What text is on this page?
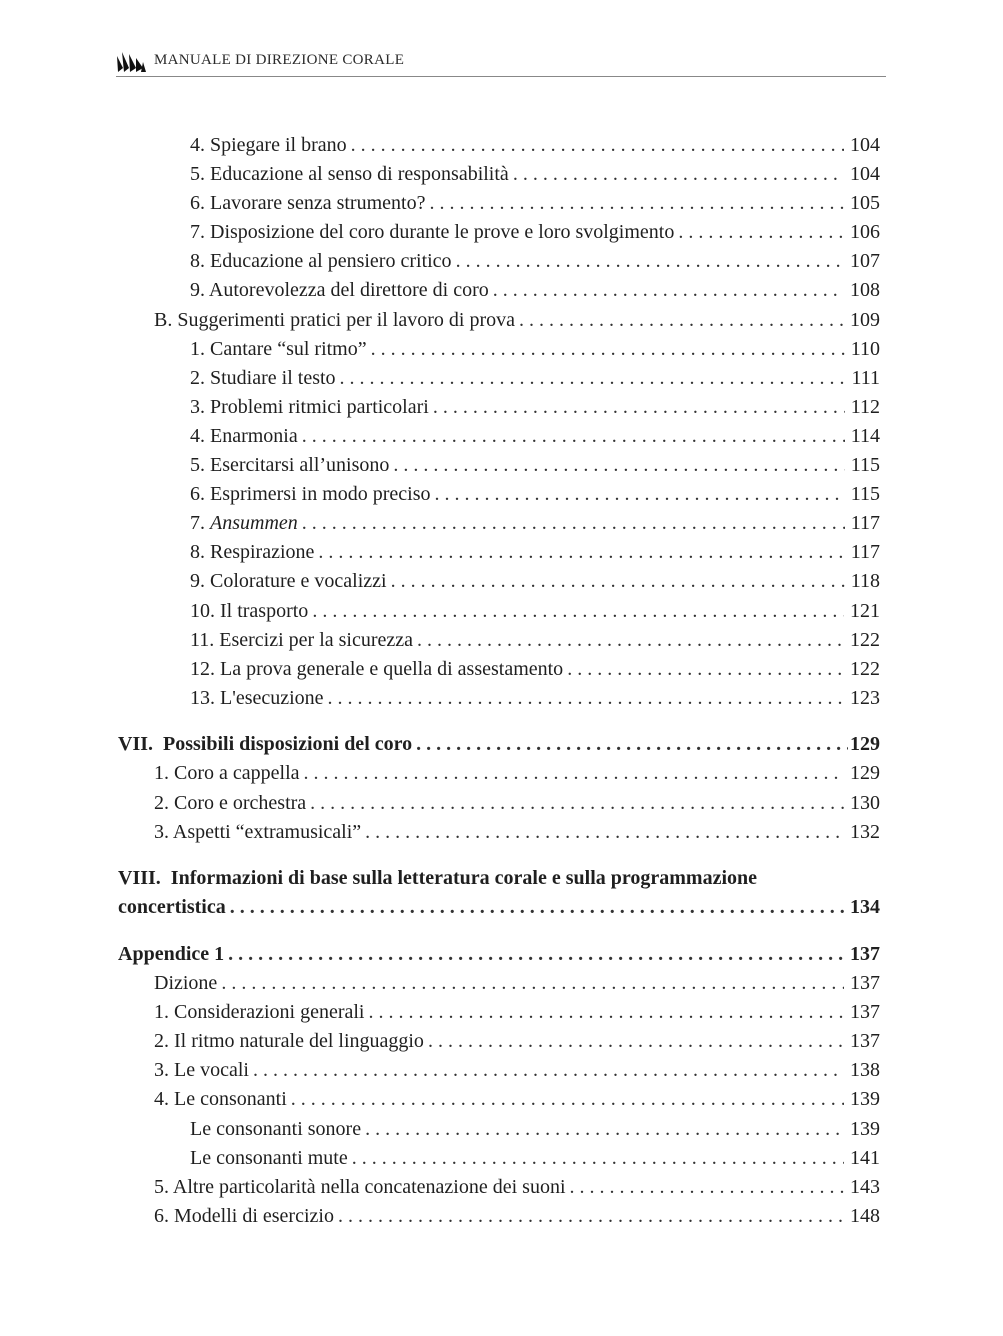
MANUALE DI DIREZIONE CORALE
4. Spiegare il brano . . .	104
5. Educazione al senso di responsabilità . . .	104
6. Lavorare senza strumento? . . .	105
7. Disposizione del coro durante le prove e loro svolgimento . . .	106
8. Educazione al pensiero critico . . .	107
9. Autorevolezza del direttore di coro . . .	108
B. Suggerimenti pratici per il lavoro di prova . . .	109
1. Cantare “sul ritmo” . . .	110
2. Studiare il testo . . .	111
3. Problemi ritmici particolari . . .	112
4. Enarmonia . . .	114
5. Esercitarsi all’unisono . . .	115
6. Esprimersi in modo preciso . . .	115
7. Ansummen . . .	117
8. Respirazione . . .	117
9. Colorature e vocalizzi . . .	118
10. Il trasporto . . .	121
11. Esercizi per la sicurezza . . .	122
12. La prova generale e quella di assestamento . . .	122
13. L'esecuzione . . .	123
VII. Possibili disposizioni del coro . . .	129
1. Coro a cappella . . .	129
2. Coro e orchestra . . .	130
3. Aspetti “extramusicali” . . .	132
VIII. Informazioni di base sulla letteratura corale e sulla programmazione
concertistica . . .	134
Appendice 1 . . .	137
Dizione . . .	137
1. Considerazioni generali . . .	137
2. Il ritmo naturale del linguaggio . . .	137
3. Le vocali . . .	138
4. Le consonanti . . .	139
Le consonanti sonore . . .	139
Le consonanti mute . . .	141
5. Altre particolarità nella concatenazione dei suoni . . .	143
6. Modelli di esercizio . . .	148
